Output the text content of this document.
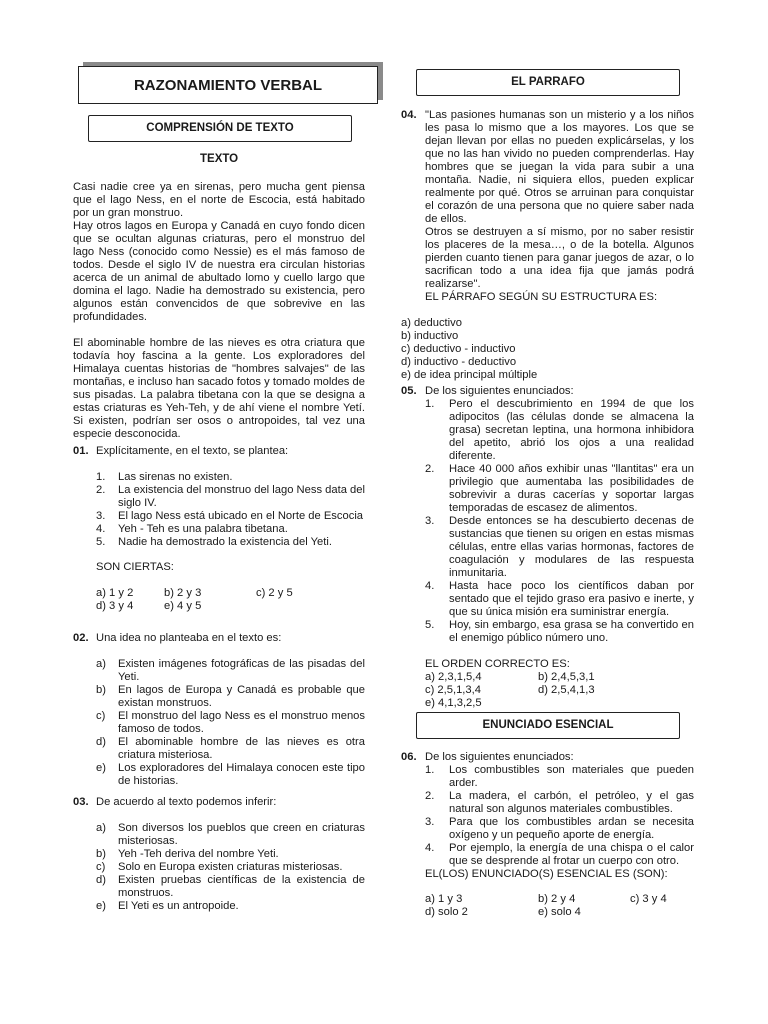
RAZONAMIENTO VERBAL
COMPRENSIÓN DE TEXTO
TEXTO

Casi nadie cree ya en sirenas, pero mucha gent piensa que el lago Ness, en el norte de Escocia, está habitado por un gran monstruo.

Hay otros lagos en Europa y Canadá en cuyo fondo dicen que se ocultan algunas criaturas, pero el monstruo del lago Ness (conocido como Nessie) es el más famoso de todos. Desde el siglo IV de nuestra era circulan historias acerca de un animal de abultado lomo y cuello largo que domina el lago. Nadie ha demostrado su existencia, pero algunos están convencidos de que sobrevive en las profundidades.

El abominable hombre de las nieves es otra criatura que todavía hoy fascina a la gente. Los exploradores del Himalaya cuentas historias de "hombres salvajes" de las montañas, e incluso han sacado fotos y tomado moldes de sus pisadas. La palabra tibetana con la que se designa a estas criaturas es Yeh-Teh, y de ahí viene el nombre Yetí. Si existen, podrían ser osos o antropoides, tal vez una especie desconocida.

01. Explícitamente, en el texto, se plantea:
1.	Las sirenas no existen.
2.	La existencia del monstruo del lago Ness data del siglo IV.
3.	El lago Ness está ubicado en el Norte de Escocia
4.	Yeh - Teh es una palabra tibetana.
5.	Nadie ha demostrado la existencia del Yeti.
SON CIERTAS:
a) 1 y 2	b) 2 y 3	c) 2 y 5
d) 3 y 4	e) 4 y 5
02. Una idea no planteaba en el texto es:
a)	Existen imágenes fotográficas de las pisadas del Yeti.
b)	En lagos de Europa y Canadá es probable que existan monstruos.
c)	El monstruo del lago Ness es el monstruo menos famoso de todos.
d)	El abominable hombre de las nieves es otra criatura misteriosa.
e)	Los exploradores del Himalaya conocen este tipo de historias.
03. De acuerdo al texto podemos inferir:
a)	Son diversos los pueblos que creen en criaturas misteriosas.
b)	Yeh -Teh deriva del nombre Yeti.
c)	Solo en Europa existen criaturas misteriosas.
d)	Existen pruebas científicas de la existencia de monstruos.
e)	El Yeti es un antropoide.
EL PARRAFO
04. "Las pasiones humanas son un misterio y a los niños les pasa lo mismo que a los mayores. Los que se dejan llevan por ellas no pueden explicárselas, y los que no las han vivido no pueden comprenderlas. Hay hombres que se juegan la vida para subir a una montaña. Nadie, ni siquiera ellos, pueden explicar realmente por qué. Otros se arruinan para conquistar el corazón de una persona que no quiere saber nada de ellos.

Otros se destruyen a sí mismo, por no saber resistir los placeres de la mesa…, o de la botella. Algunos pierden cuanto tienen para ganar juegos de azar, o lo sacrifican todo a una idea fija que jamás podrá realizarse".

EL PÁRRAFO SEGÚN SU ESTRUCTURA ES:

a) deductivo
b) inductivo
c) deductivo - inductivo
d) inductivo - deductivo
e) de idea principal múltiple
05. De los siguientes enunciados:
1.	Pero el descubrimiento en 1994 de que los adipocitos (las células donde se almacena la grasa) secretan leptina, una hormona inhibidora del apetito, abrió los ojos a una realidad diferente.
2.	Hace 40 000 años exhibir unas "llantitas" era un privilegio que aumentaba las posibilidades de sobrevivir a duras cacerías y soportar largas temporadas de escasez de alimentos.
3.	Desde entonces se ha descubierto decenas de sustancias que tienen su origen en estas mismas células, entre ellas varias hormonas, factores de coagulación y modulares de las respuesta inmunitaria.
4.	Hasta hace poco los científicos daban por sentado que el tejido graso era pasivo e inerte, y que su única misión era suministrar energía.
5.	Hoy, sin embargo, esa grasa se ha convertido en el enemigo público número uno.
EL ORDEN CORRECTO ES:
a) 2,3,1,5,4	b) 2,4,5,3,1
c) 2,5,1,3,4	d) 2,5,4,1,3
e) 4,1,3,2,5
ENUNCIADO ESENCIAL
06. De los siguientes enunciados:
1.	Los combustibles son materiales que pueden arder.
2.	La madera, el carbón, el petróleo, y el gas natural son algunos materiales combustibles.
3.	Para que los combustibles ardan se necesita oxígeno y un pequeño aporte de energía.
4.	Por ejemplo, la energía de una chispa o el calor que se desprende al frotar un cuerpo con otro.
EL(LOS) ENUNCIADO(S) ESENCIAL ES (SON):
a) 1 y 3	b) 2 y 4	c) 3 y 4
d) solo 2	e) solo 4
